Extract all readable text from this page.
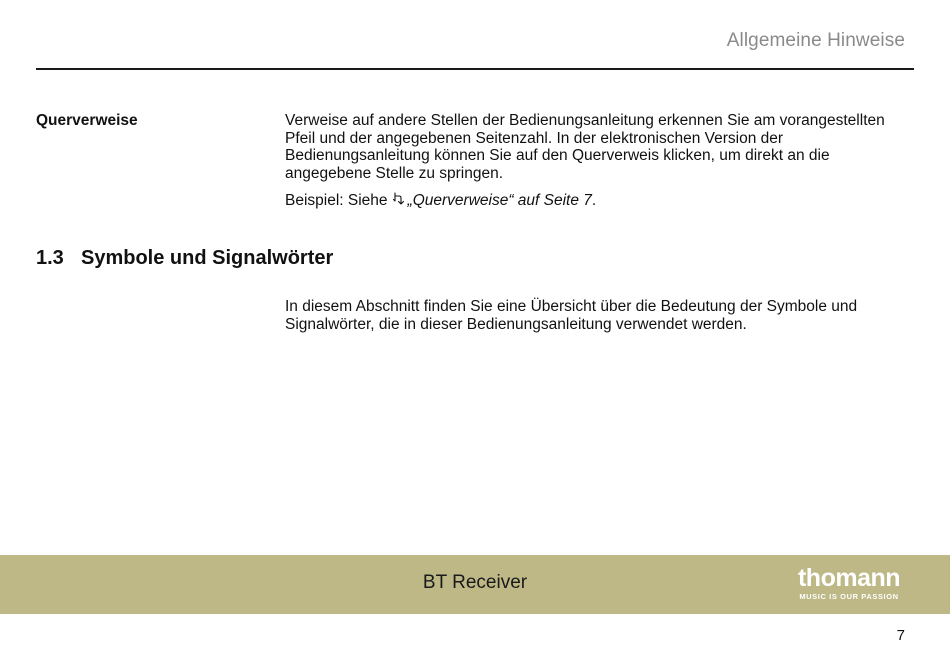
Allgemeine Hinweise
Querverweise	Verweise auf andere Stellen der Bedienungsanleitung erkennen Sie am vorangestellten Pfeil und der angegebenen Seitenzahl. In der elektronischen Version der Bedienungsanleitung können Sie auf den Querverweis klicken, um direkt an die angegebene Stelle zu springen.

Beispiel: Siehe „Querverweise“ auf Seite 7.

1.3 Symbole und Signalwörter

In diesem Abschnitt finden Sie eine Übersicht über die Bedeutung der Symbole und Signalwörter, die in dieser Bedienungsanleitung verwendet werden.

BT Receiver	thomann
MUSIC IS OUR PASSION
7
